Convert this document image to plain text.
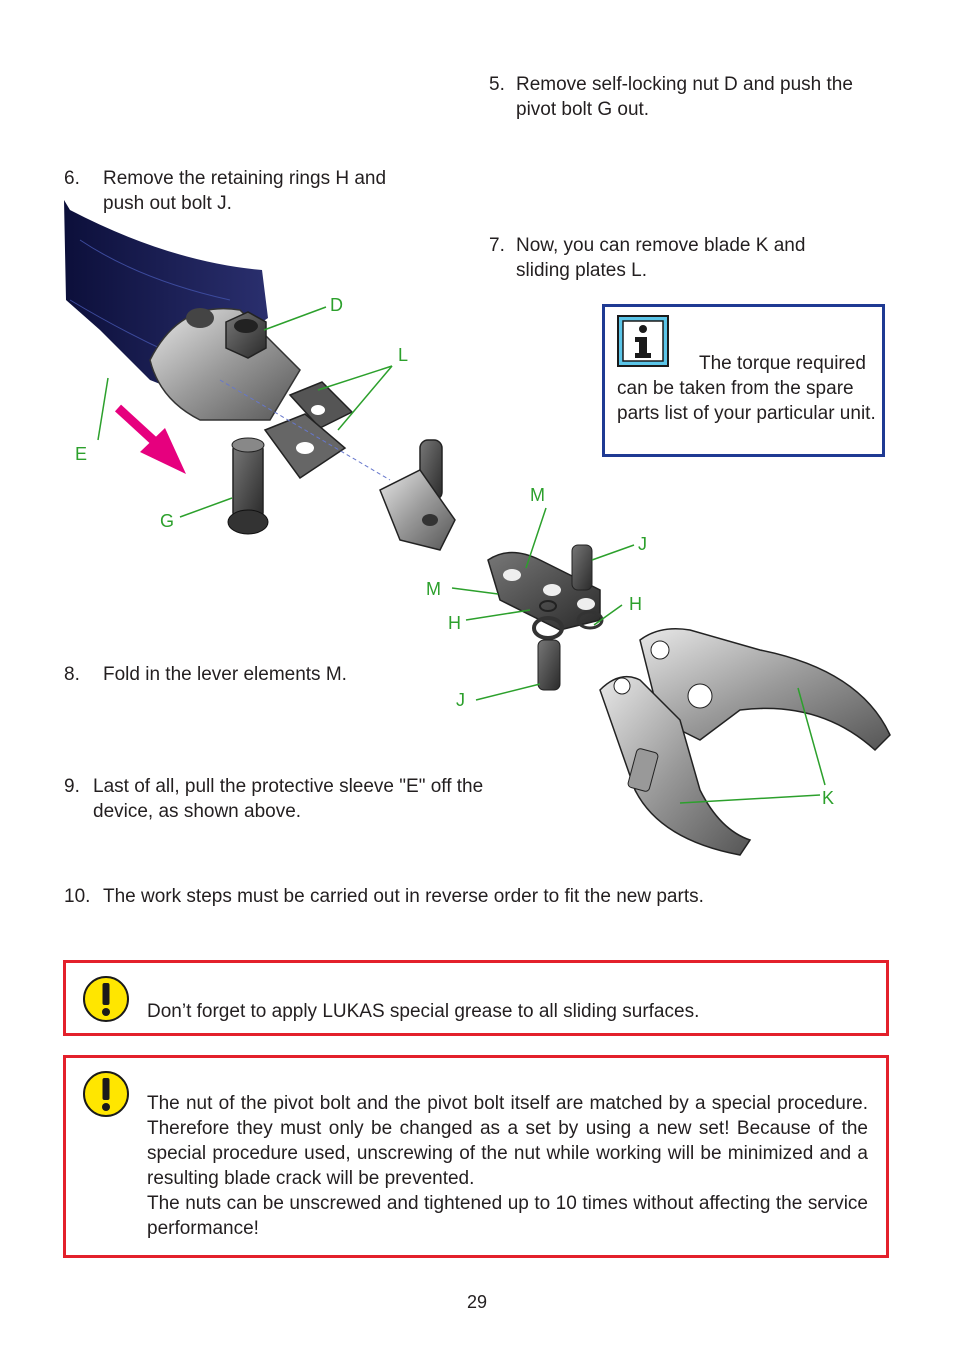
D
L
E
G
M
J
M
H
H
J
K
5. Remove self-locking nut D and push the pivot bolt G out.
6. Remove the retaining rings H and push out bolt J.
7. Now, you can remove blade K and sliding plates L.
8. Fold in the lever elements M.
9. Last of all, pull the protective sleeve "E" off the device, as shown above.
10. The work steps must be carried out in reverse order to fit the new parts.
The torque required can be taken from the spare parts list of your particular unit.
Don’t forget to apply LUKAS special grease to all sliding surfaces.

The nut of the pivot bolt and the pivot bolt itself are matched by a special procedure. Therefore they must only be changed as a set by using a new set! Because of the special procedure used, unscrewing of the nut while working will be minimized and a resulting blade crack will be prevented.

The nuts can be unscrewed and tightened up to 10 times without affecting the service performance!

29
